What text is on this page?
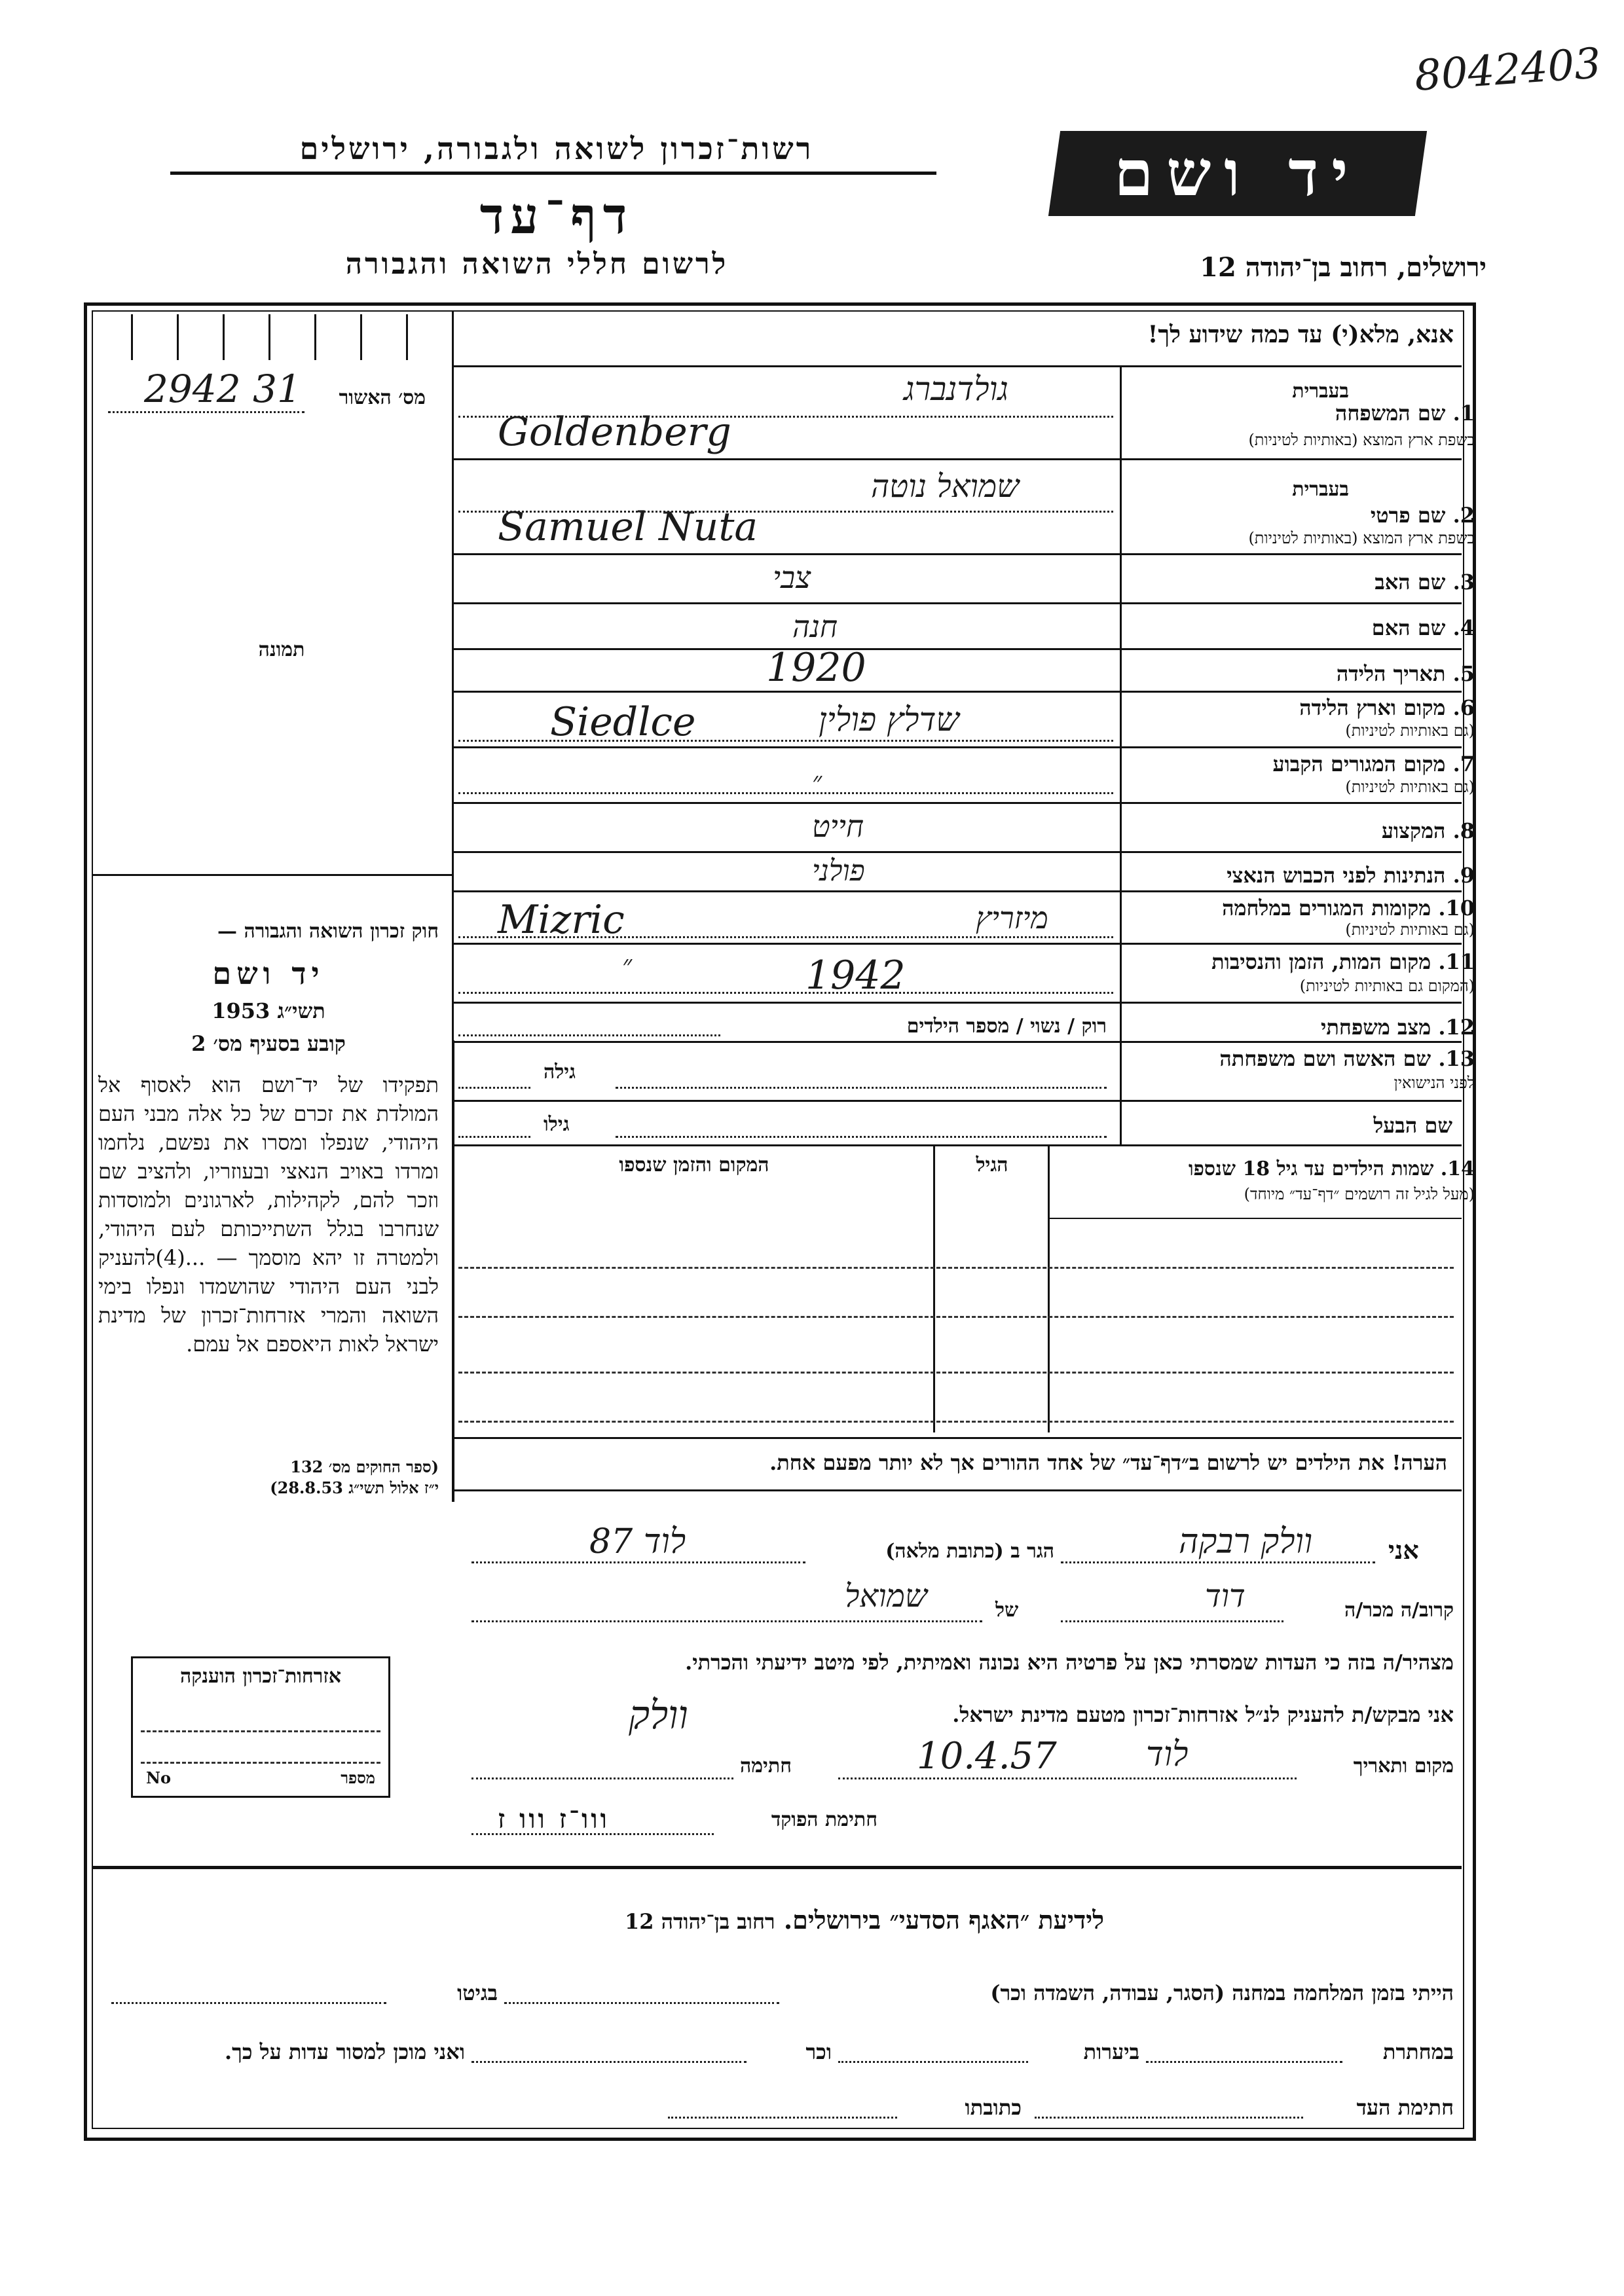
8042403
רשות־זכרון לשואה ולגבורה, ירושלים	יד ושם
דף־עד
לרשום חללי השואה והגבורה	ירושלים, רחוב בן־יהודה 12
אנא, מלא(י) עד כמה שידוע לך!
מס׳ האשור
2942 31
תמונה
חוק זכרון השואה והגבורה —
יד ושם
תשי״ג 1953
קובע בסעיף מס׳ 2
תפקידו של יד־ושם הוא לאסוף אל המולדת את זכרם של כל אלה מבני העם היהודי, שנפלו ומסרו את נפשם, נלחמו ומרדו באויב הנאצי ובעוזריו, ולהציב שם וזכר להם, לקהילות, לארגונים ולמוסדות שנחרבו בגלל השתייכותם לעם היהודי, ולמטרה זו יהא מוסמך — ...(4)להעניק לבני העם היהודי שהושמדו ונפלו בימי השואה והמרי אזרחות־זכרון של מדינת ישראל לאות היאספם אל עמם.
(ספר החוקים מס׳ 132
י״ז אלול תשי״ג 28.8.53)
1. שם המשפחה
בשפת ארץ המוצא (באותיות לטיניות)
בעברית
גולדנברג
Goldenberg
2. שם פרטי
בשפת ארץ המוצא (באותיות לטיניות)
בעברית
שמואל נוטה
Samuel Nuta
3. שם האב
צבי
4. שם האם
חנה
5. תאריך הלידה
1920
6. מקום וארץ הלידה
(גם באותיות לטיניות)
שדלץ פולין
Siedlce
7. מקום המגורים הקבוע
(גם באותיות לטיניות)
״
8. המקצוע
חייט
9. הנתינות לפני הכבוש הנאצי
פולני
10. מקומות המגורים במלחמה
(גם באותיות לטיניות)
מיזריץ
Mizric
11. מקום המות, הזמן והנסיבות
(המקום גם באותיות לטיניות)
״	1942
12. מצב משפחתי
רוק / נשוי / מספר הילדים
13. שם האשה ושם משפחתה
לפני הנישואין
גילה
שם הבעל
גילו
14. שמות הילדים עד גיל 18 שנספו
(מעל לגיל זה רושמים ״דף־עד״ מיוחד)
הגיל
המקום והזמן שנספו
הערה! את הילדים יש לרשום ב״דף־עד״ של אחד ההורים אך לא יותר מפעם אחת.
אני
וולק רבקה
הגר ב (כתובת מלאה)
לוד 87
קרוב/ה מכר/ה
דוד
של
שמואל
מצהיר/ה בזה כי העדות שמסרתי כאן על פרטיה היא נכונה ואמיתית, לפי מיטב ידיעתי והכרתי.
אני מבקש/ת להעניק לנ״ל אזרחות־זכרון מטעם מדינת ישראל.
וולק
מקום ותאריך
לוד
10.4.57
חתימה
חתימת הפוקד
ווו־ז ווו ז
אזרחות־זכרון הוענקה
מספר
No
לידיעת ״האגף הסדעי״ בירושלים. רחוב בן־יהודה 12
הייתי בזמן המלחמה במחנה (הסגר, עבודה, השמדה וכר)
בגיטו
במחתרת
ביערות
וכר
ואני מוכן למסור עדות על כך.
חתימת העד
כתובתו
